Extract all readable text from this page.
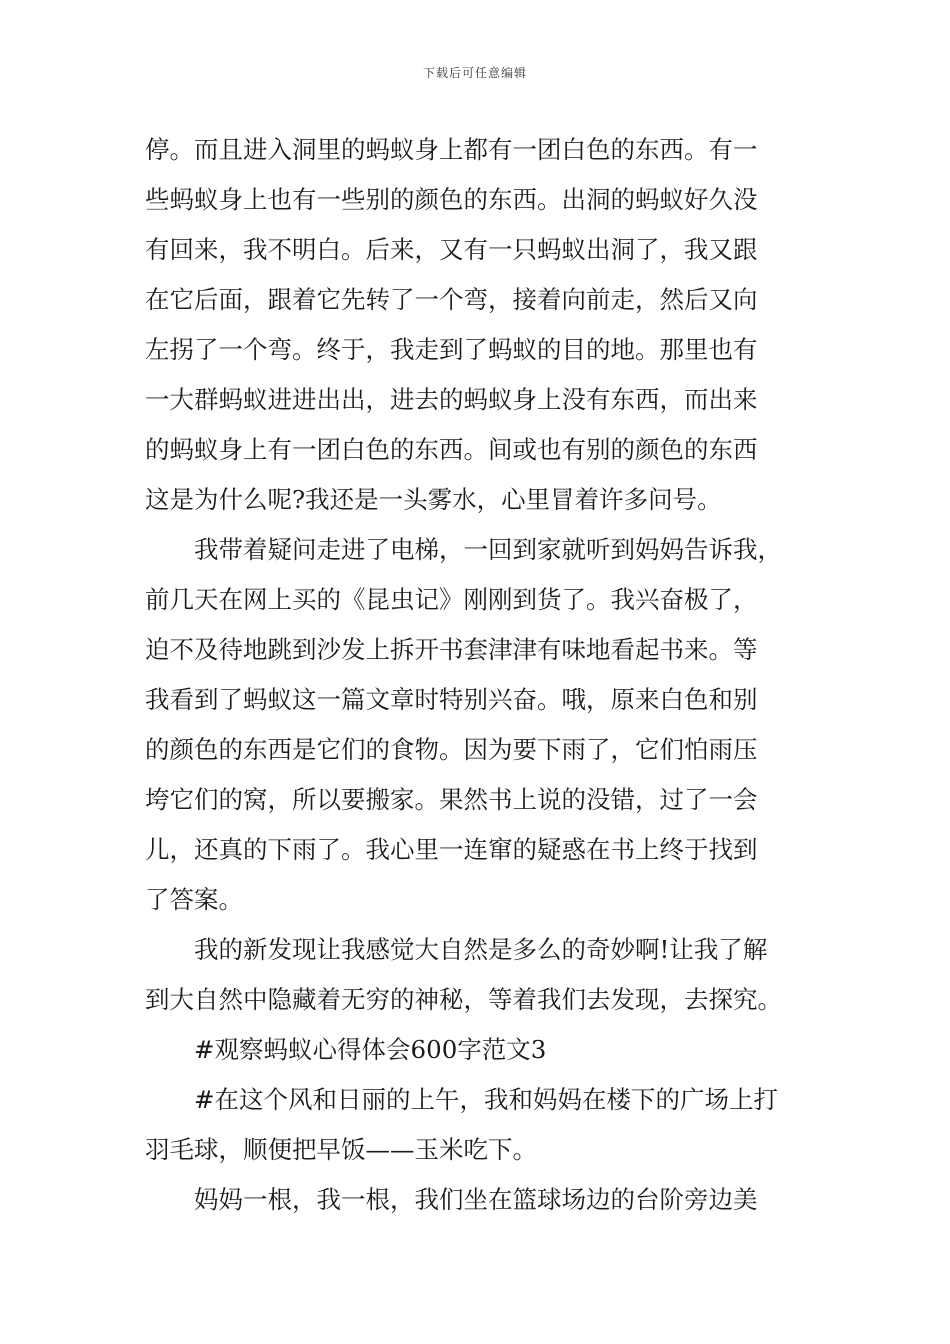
下载后可任意编辑
停。而且进入洞里的蚂蚁身上都有一团白色的东西。有一
些蚂蚁身上也有一些别的颜色的东西。出洞的蚂蚁好久没
有回来，我不明白。后来，又有一只蚂蚁出洞了，我又跟
在它后面，跟着它先转了一个弯，接着向前走，然后又向
左拐了一个弯。终于，我走到了蚂蚁的目的地。那里也有
一大群蚂蚁进进出出，进去的蚂蚁身上没有东西，而出来
的蚂蚁身上有一团白色的东西。间或也有别的颜色的东西
这是为什么呢?我还是一头雾水，心里冒着许多问号。
我带着疑问走进了电梯，一回到家就听到妈妈告诉我，
前几天在网上买的《昆虫记》刚刚到货了。我兴奋极了，
迫不及待地跳到沙发上拆开书套津津有味地看起书来。等
我看到了蚂蚁这一篇文章时特别兴奋。哦，原来白色和别
的颜色的东西是它们的食物。因为要下雨了，它们怕雨压
垮它们的窝，所以要搬家。果然书上说的没错，过了一会
儿，还真的下雨了。我心里一连窜的疑惑在书上终于找到
了答案。
我的新发现让我感觉大自然是多么的奇妙啊!让我了解
到大自然中隐藏着无穷的神秘，等着我们去发现，去探究。
#观察蚂蚁心得体会600字范文3
#在这个风和日丽的上午，我和妈妈在楼下的广场上打
羽毛球，顺便把早饭——玉米吃下。
妈妈一根，我一根，我们坐在篮球场边的台阶旁边美
